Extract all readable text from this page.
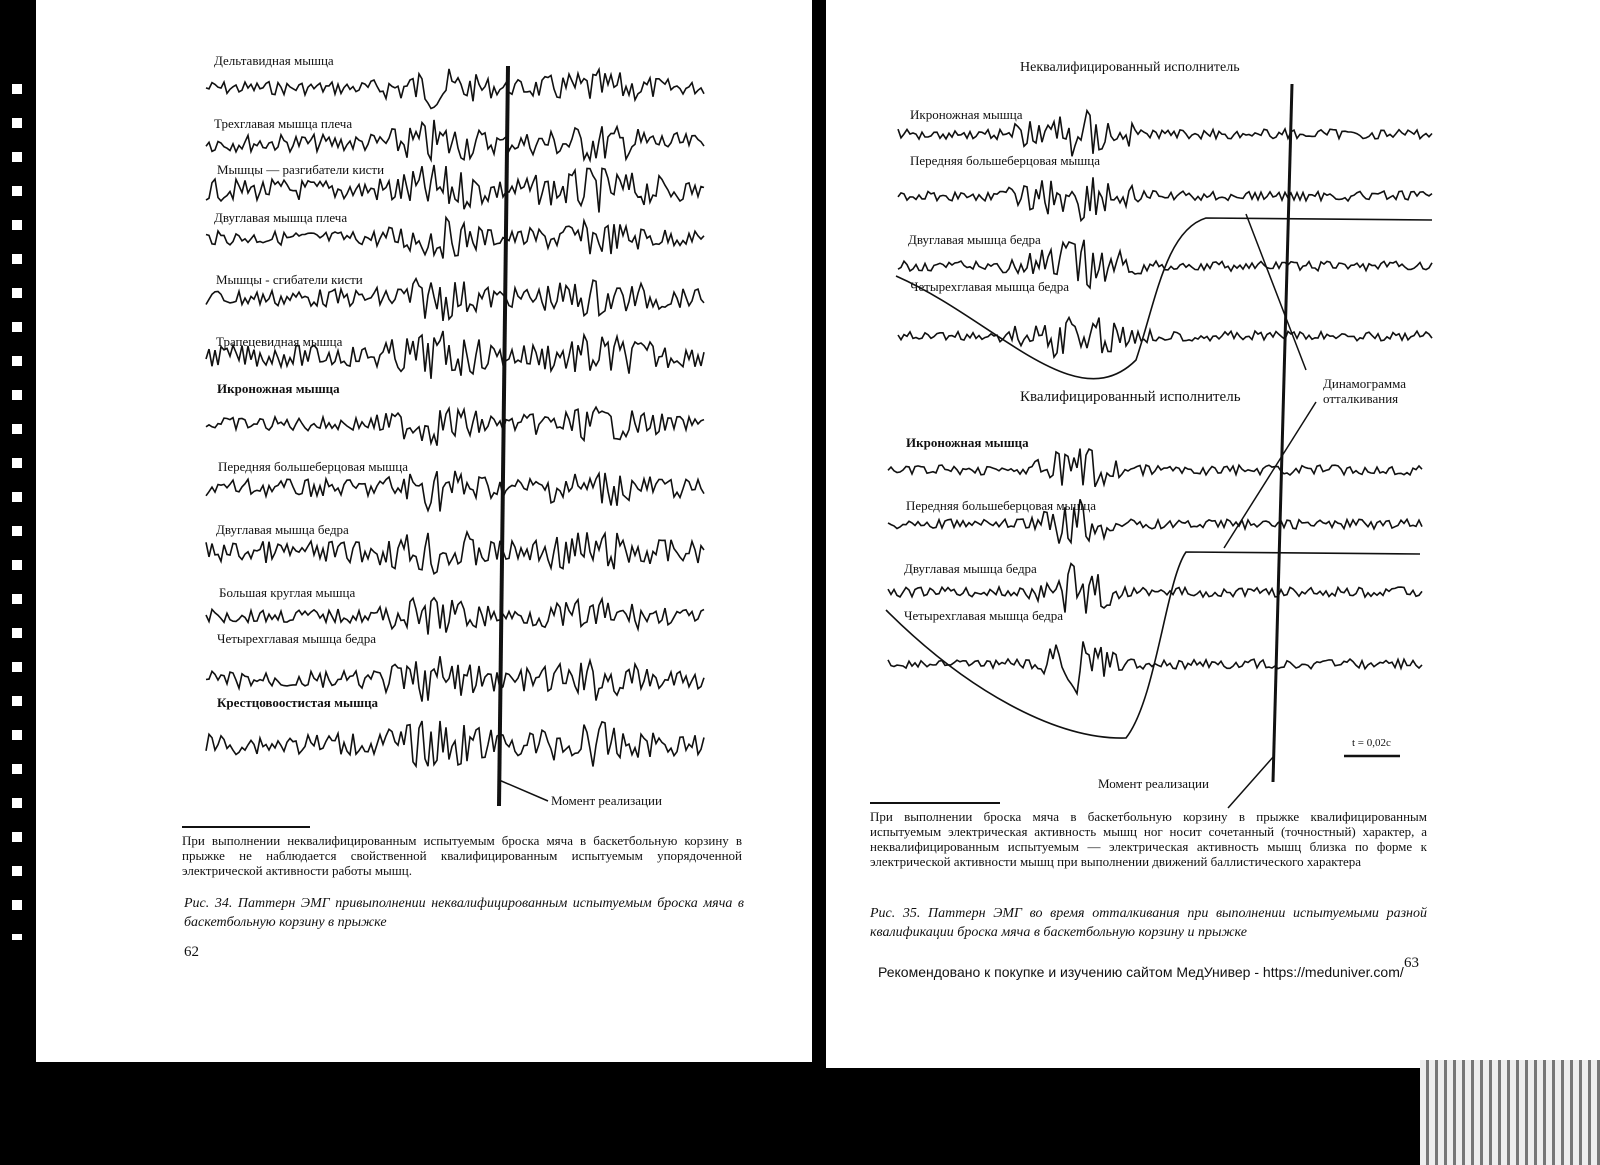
Дельтавидная мышца
Трехглавая мышца плеча
Мышцы — разгибатели кисти
Двуглавая мышца плеча
Мышцы - сгибатели кисти
Трапецевидная мышца
Икроножная мышца
Передняя большеберцовая мышца
Двуглавая мышца бедра
Большая круглая мышца
Четырехглавая мышца бедра
Крестцовоостистая мышца
Момент реализации
При выполнении неквалифицированным испытуемым броска мяча в баскетбольную корзину в прыжке не наблюдается свойственной квалифицированным испытуемым упорядоченной электрической активности работы мышц.
Рис. 34. Паттерн ЭМГ привыполнении неквалифицированным испытуемым броска мяча в баскетбольную корзину в прыжке
62
Неквалифицированный исполнитель
Икроножная мышца
Передняя большеберцовая мышца
Двуглавая мышца бедра
Четырехглавая мышца бедра
Квалифицированный исполнитель
Икроножная мышца
Передняя большеберцовая мышца
Двуглавая мышца бедра
Четырехглавая мышца бедра
Динамограмма отталкивания
Момент реализации
t = 0,02с
При выполнении броска мяча в баскетбольную корзину в прыжке квалифицированным испытуемым электрическая активность мышц ног носит сочетанный (точностный) характер, а неквалифицированным испытуемым — электрическая активность мышц близка по форме к электрической активности мышц при выполнении движений баллистического характера
Рис. 35. Паттерн ЭМГ во время отталкивания при выполнении испытуемыми разной квалификации броска мяча в баскетбольную корзину и прыжке
63
Рекомендовано к покупке и изучению сайтом МедУнивер - https://meduniver.com/
